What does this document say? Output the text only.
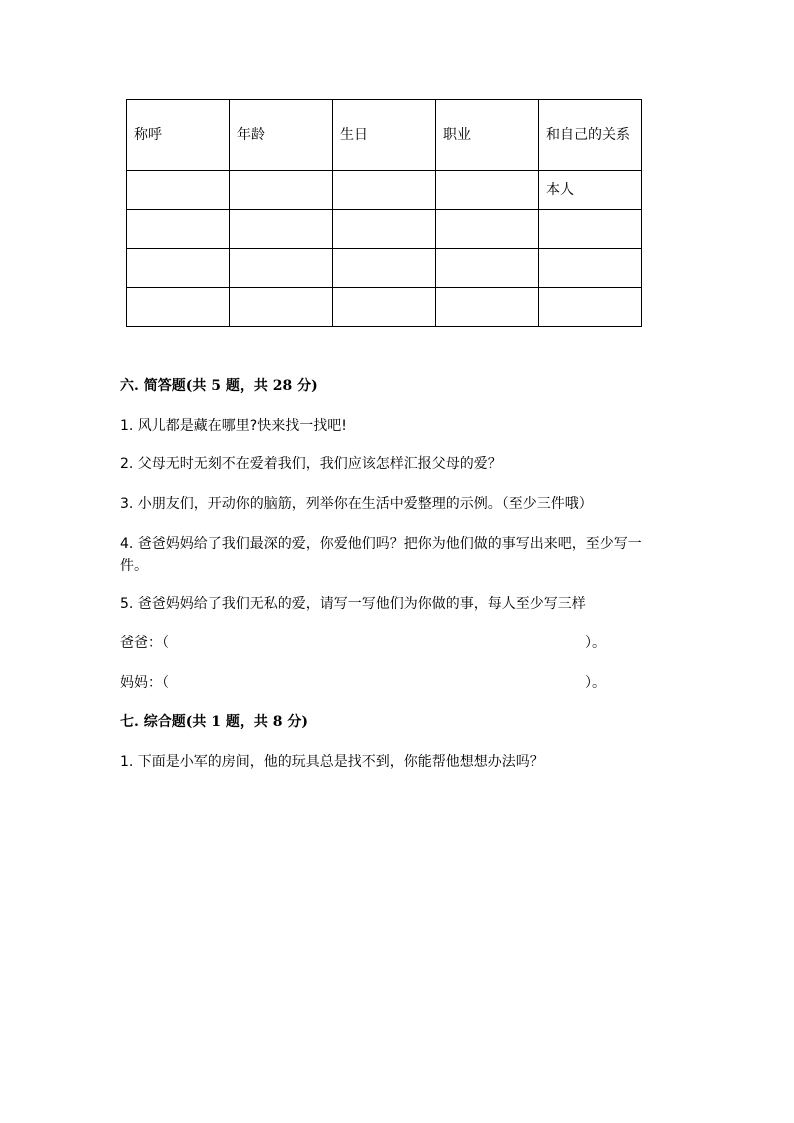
称呼	年龄	生日	职业	和自己的关系
				本人

六. 简答题(共 5 题，共 28 分)
1. 风儿都是藏在哪里?快来找一找吧!
2. 父母无时无刻不在爱着我们，我们应该怎样汇报父母的爱？
3. 小朋友们，开动你的脑筋，列举你在生活中爱整理的示例。（至少三件哦）
4. 爸爸妈妈给了我们最深的爱，你爱他们吗？把你为他们做的事写出来吧，至少写一件。
5. 爸爸妈妈给了我们无私的爱，请写一写他们为你做的事，每人至少写三样
爸爸：（	）。
妈妈：（	）。
七. 综合题(共 1 题，共 8 分)
1. 下面是小军的房间，他的玩具总是找不到，你能帮他想想办法吗？
